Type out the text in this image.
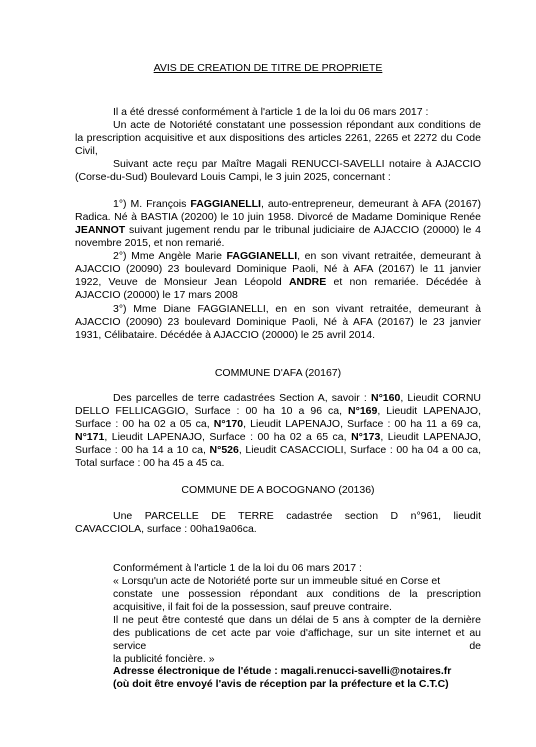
AVIS DE CREATION DE TITRE DE PROPRIETE
Il a été dressé conformément à l'article 1 de la loi du 06 mars 2017 :
Un acte de Notoriété constatant une possession répondant aux conditions de
la prescription acquisitive et aux dispositions des articles 2261, 2265 et 2272 du Code
Civil,
Suivant acte reçu par Maître Magali RENUCCI-SAVELLI notaire à AJACCIO
(Corse-du-Sud) Boulevard Louis Campi, le 3 juin 2025, concernant :
1°) M. François FAGGIANELLI, auto-entrepreneur, demeurant à AFA (20167)
Radica. Né à BASTIA (20200) le 10 juin 1958. Divorcé de Madame Dominique Renée
JEANNOT suivant jugement rendu par le tribunal judiciaire de AJACCIO (20000) le 4
novembre 2015, et non remarié.
2°) Mme Angèle Marie FAGGIANELLI, en son vivant retraitée, demeurant à
AJACCIO (20090) 23 boulevard Dominique Paoli, Né à AFA (20167) le 11 janvier
1922, Veuve de Monsieur Jean Léopold ANDRE et non remariée. Décédée à
AJACCIO (20000) le 17 mars 2008
3°) Mme Diane FAGGIANELLI, en en son vivant retraitée, demeurant à
AJACCIO (20090) 23 boulevard Dominique Paoli, Né à AFA (20167) le 23 janvier
1931, Célibataire. Décédée à AJACCIO (20000) le 25 avril 2014.
COMMUNE D'AFA (20167)
Des parcelles de terre cadastrées Section A, savoir : N°160, Lieudit CORNU
DELLO FELLICAGGIO, Surface : 00 ha 10 a 96 ca, N°169, Lieudit LAPENAJO,
Surface : 00 ha 02 a 05 ca, N°170, Lieudit LAPENAJO, Surface : 00 ha 11 a 69 ca,
N°171, Lieudit LAPENAJO, Surface : 00 ha 02 a 65 ca, N°173, Lieudit LAPENAJO,
Surface : 00 ha 14 a 10 ca, N°526, Lieudit CASACCIOLI, Surface : 00 ha 04 a 00 ca,
Total surface : 00 ha 45 a 45 ca.
COMMUNE DE A BOCOGNANO (20136)
Une PARCELLE DE TERRE cadastrée section D n°961, lieudit
CAVACCIOLA, surface : 00ha19a06ca.
Conformément à l'article 1 de la loi du 06 mars 2017 :
« Lorsqu'un acte de Notoriété porte sur un immeuble situé en Corse et
constate une possession répondant aux conditions de la prescription
acquisitive, il fait foi de la possession, sauf preuve contraire.
Il ne peut être contesté que dans un délai de 5 ans à compter de la dernière
des publications de cet acte par voie d'affichage, sur un site internet et au service de
la publicité foncière. »
Adresse électronique de l'étude : magali.renucci-savelli@notaires.fr
(où doit être envoyé l'avis de réception par la préfecture et la C.T.C)
